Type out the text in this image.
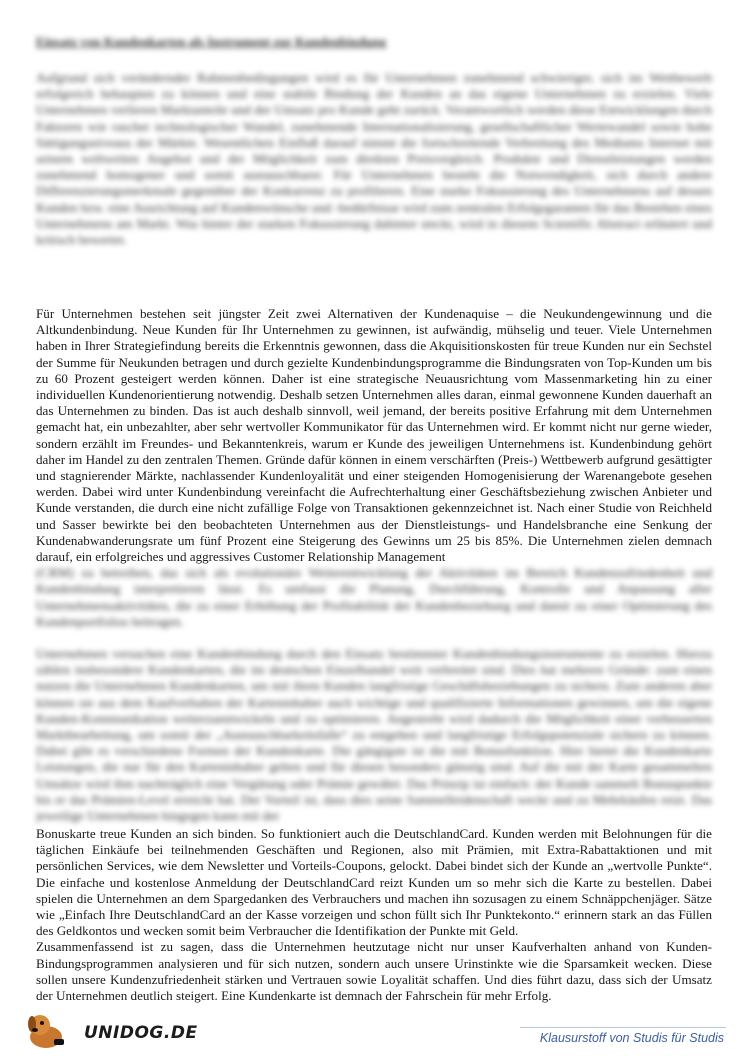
Einsatz von Kundenkarten als Instrument zur Kundenbindung

Aufgrund sich verändernder Rahmenbedingungen wird es für Unternehmen zunehmend schwieriger, sich im Wettbewerb erfolgreich behaupten zu können und eine stabile Bindung der Kunden an das eigene Unternehmen zu erzielen. Viele Unternehmen verlieren Marktanteile und der Umsatz pro Kunde geht zurück. Verantwortlich werden diese Entwicklungen durch Faktoren wie rascher technologischer Wandel, zunehmende Internationalisierung, gesellschaftlicher Wertewandel sowie hohe Sättigungsniveaus der Märkte. Wesentlichen Einfluß darauf nimmt die fortschreitende Verbreitung des Mediums Internet mit seinem weltweiten Angebot und der Möglichkeit zum direkten Preisvergleich. Produkte und Dienstleistungen werden zunehmend homogener und somit austauschbarer. Für Unternehmen besteht die Notwendigkeit, sich durch andere Differenzierungsmerkmale gegenüber der Konkurrenz zu profilieren. Eine starke Fokussierung des Unternehmens auf dessen Kunden bzw. eine Ausrichtung auf Kundenwünsche und -bedürfnisse wird zum zentralen Erfolgsgaranten für das Bestehen eines Unternehmens am Markt. Was hinter der starken Fokussierung dahinter steckt, wird in diesem Scientific Abstract erläutert und kritisch bewertet.

Für Unternehmen bestehen seit jüngster Zeit zwei Alternativen der Kundenaquise – die Neukundengewinnung und die Altkundenbindung. Neue Kunden für Ihr Unternehmen zu gewinnen, ist aufwändig, mühselig und teuer. Viele Unternehmen haben in Ihrer Strategiefindung bereits die Erkenntnis gewonnen, dass die Akquisitionskosten für treue Kunden nur ein Sechstel der Summe für Neukunden betragen und durch gezielte Kundenbindungsprogramme die Bindungsraten von Top-Kunden um bis zu 60 Prozent gesteigert werden können. Daher ist eine strategische Neuausrichtung vom Massenmarketing hin zu einer individuellen Kundenorientierung notwendig. Deshalb setzen Unternehmen alles daran, einmal gewonnene Kunden dauerhaft an das Unternehmen zu binden. Das ist auch deshalb sinnvoll, weil jemand, der bereits positive Erfahrung mit dem Unternehmen gemacht hat, ein unbezahlter, aber sehr wertvoller Kommunikator für das Unternehmen wird. Er kommt nicht nur gerne wieder, sondern erzählt im Freundes- und Bekanntenkreis, warum er Kunde des jeweiligen Unternehmens ist. Kundenbindung gehört daher im Handel zu den zentralen Themen. Gründe dafür können in einem verschärften (Preis-) Wettbewerb aufgrund gesättigter und stagnierender Märkte, nachlassender Kundenloyalität und einer steigenden Homogenisierung der Warenangebote gesehen werden. Dabei wird unter Kundenbindung vereinfacht die Aufrechterhaltung einer Geschäftsbeziehung zwischen Anbieter und Kunde verstanden, die durch eine nicht zufällige Folge von Transaktionen gekennzeichnet ist. Nach einer Studie von Reichheld und Sasser bewirkte bei den beobachteten Unternehmen aus der Dienstleistungs- und Handelsbranche eine Senkung der Kundenabwanderungsrate um fünf Prozent eine Steigerung des Gewinns um 25 bis 85%. Die Unternehmen zielen demnach darauf, ein erfolgreiches und aggressives Customer Relationship Management

(CRM) zu betreiben, das sich als evolutionäre Weiterentwicklung der Aktivitäten im Bereich Kundenzufriedenheit und Kundenbindung interpretieren lässt. Es umfasst die Planung, Durchführung, Kontrolle und Anpassung aller Unternehmensaktivitäten, die zu einer Erhöhung der Profitabilität der Kundenbeziehung und damit zu einer Optimierung des Kundenportfolios beitragen.

Unternehmen versuchen eine Kundenbindung durch den Einsatz bestimmter Kundenbindungsinstrumente zu erzielen. Hierzu zählen insbesondere Kundenkarten, die im deutschen Einzelhandel weit verbreitet sind. Dies hat mehrere Gründe: zum einen nutzen die Unternehmen Kundenkarten, um mit ihren Kunden langfristige Geschäftsbeziehungen zu sichern. Zum anderen aber können sie aus dem Kaufverhalten der Karteninhaber auch wichtige und qualifizierte Informationen gewinnen, um die eigene Kunden-Kommunikation weiterzuentwickeln und zu optimieren. Angestrebt wird dadurch die Möglichkeit einer verbesserten Marktbearbeitung, um somit der „Austauschbarkeitsfalle“ zu entgehen und langfristige Erfolgspotenziale sichern zu können. Dabei gibt es verschiedene Formen der Kundenkarte. Die gängigste ist die mit Bonusfunktion. Hier bietet die Kundenkarte Leistungen, die nur für den Karteninhaber gelten und für diesen besonders günstig sind. Auf die mit der Karte gesammelten Umsätze wird ihm nachträglich eine Vergütung oder Prämie gewährt. Das Prinzip ist einfach: der Kunde sammelt Bonuspunkte bis er das Prämien-Level erreicht hat. Der Vorteil ist, dass dies seine Sammelleidenschaft weckt und zu Mehrkäufen reizt. Das jeweilige Unternehmen hingegen kann mit der

Bonuskarte treue Kunden an sich binden. So funktioniert auch die DeutschlandCard. Kunden werden mit Belohnungen für die täglichen Einkäufe bei teilnehmenden Geschäften und Regionen, also mit Prämien, mit Extra-Rabattaktionen und mit persönlichen Services, wie dem Newsletter und Vorteils-Coupons, gelockt. Dabei bindet sich der Kunde an „wertvolle Punkte“. Die einfache und kostenlose Anmeldung der DeutschlandCard reizt Kunden um so mehr sich die Karte zu bestellen. Dabei spielen die Unternehmen an dem Spargedanken des Verbrauchers und machen ihn sozusagen zu einem Schnäppchenjäger. Sätze wie „Einfach Ihre DeutschlandCard an der Kasse vorzeigen und schon füllt sich Ihr Punktekonto.“ erinnern stark an das Füllen des Geldkontos und wecken somit beim Verbraucher die Identifikation der Punkte mit Geld.

Zusammenfassend ist zu sagen, dass die Unternehmen heutzutage nicht nur unser Kaufverhalten anhand von Kunden-Bindungsprogrammen analysieren und für sich nutzen, sondern auch unsere Urinstinkte wie die Sparsamkeit wecken. Diese sollen unsere Kundenzufriedenheit stärken und Vertrauen sowie Loyalität schaffen. Und dies führt dazu, dass sich der Umsatz der Unternehmen deutlich steigert. Eine Kundenkarte ist demnach der Fahrschein für mehr Erfolg.

UNIDOG.DE	Klausurstoff von Studis für Studis
